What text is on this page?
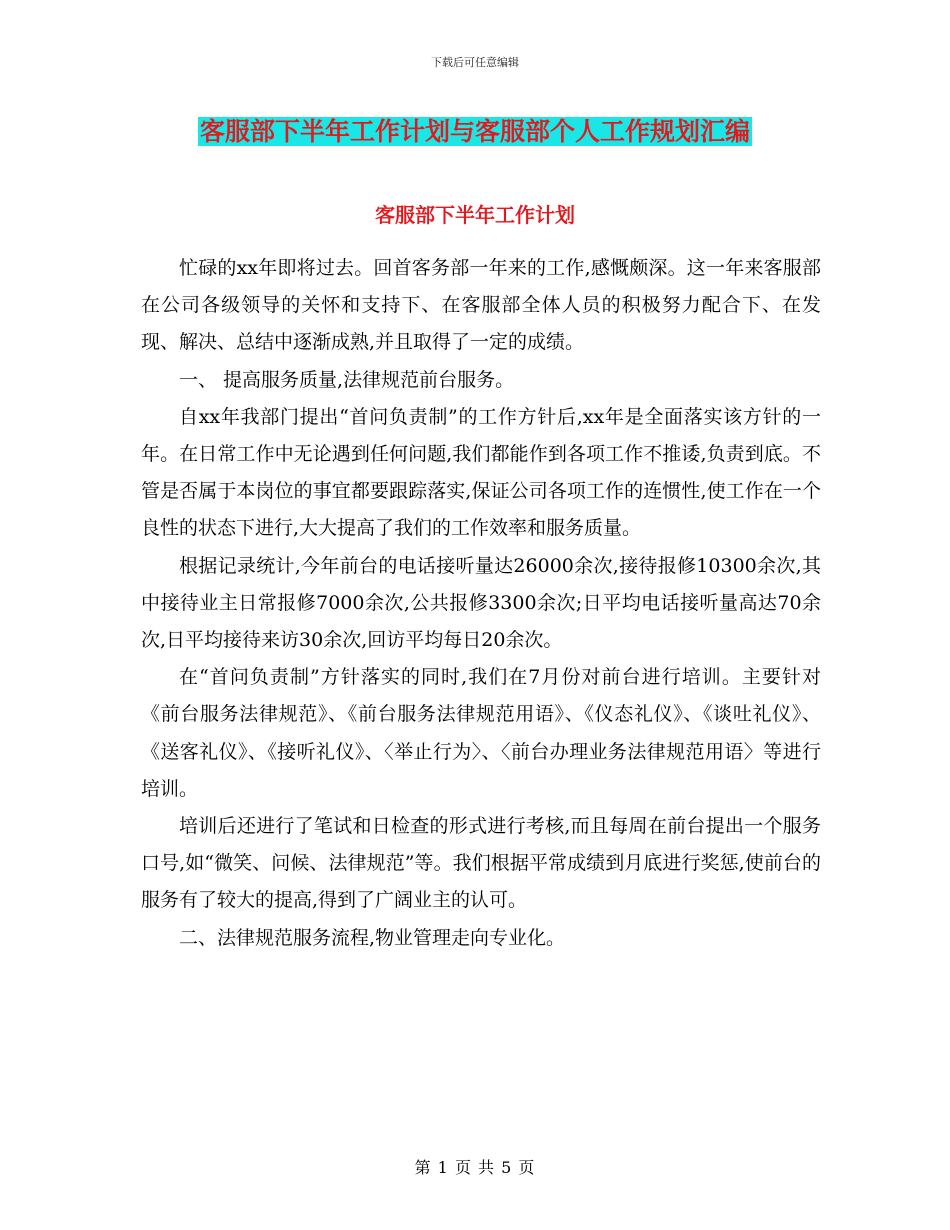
下载后可任意编辑
客服部下半年工作计划与客服部个人工作规划汇编
客服部下半年工作计划

忙碌的xx年即将过去。回首客务部一年来的工作,感慨颇深。这一年来客服部在公司各级领导的关怀和支持下、在客服部全体人员的积极努力配合下、在发现、解决、总结中逐渐成熟,并且取得了一定的成绩。

一、 提高服务质量,法律规范前台服务。

自xx年我部门提出“首问负责制”的工作方针后,xx年是全面落实该方针的一年。在日常工作中无论遇到任何问题,我们都能作到各项工作不推诿,负责到底。不管是否属于本岗位的事宜都要跟踪落实,保证公司各项工作的连惯性,使工作在一个良性的状态下进行,大大提高了我们的工作效率和服务质量。

根据记录统计,今年前台的电话接听量达26000余次,接待报修10300余次,其中接待业主日常报修7000余次,公共报修3300余次;日平均电话接听量高达70余次,日平均接待来访30余次,回访平均每日20余次。

在“首问负责制”方针落实的同时,我们在7月份对前台进行培训。主要针对《前台服务法律规范》、《前台服务法律规范用语》、《仪态礼仪》、《谈吐礼仪》、《送客礼仪》、《接听礼仪》、〈举止行为〉、〈前台办理业务法律规范用语〉等进行培训。

培训后还进行了笔试和日检查的形式进行考核,而且每周在前台提出一个服务口号,如“微笑、问候、法律规范”等。我们根据平常成绩到月底进行奖惩,使前台的服务有了较大的提高,得到了广阔业主的认可。

二、法律规范服务流程,物业管理走向专业化。

第 1 页 共 5 页
